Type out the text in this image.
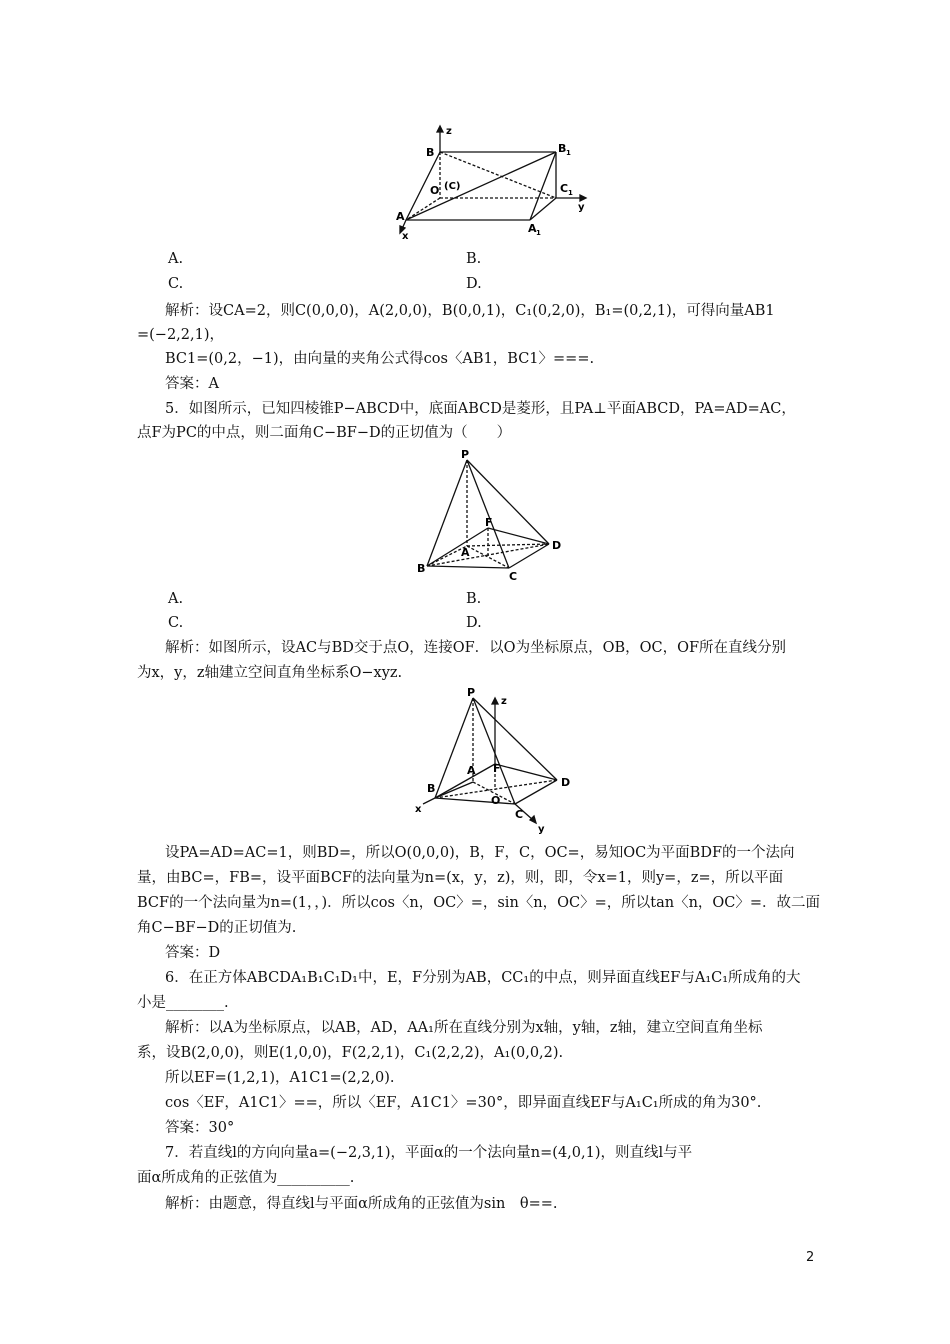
z
B	B 1
O (C)	C 1
y
A
A 1
x
A.	B.
C.	D.
解析：设CA=2，则C(0,0,0)，A(2,0,0)，B(0,0,1)，C₁(0,2,0)，B₁=(0,2,1)，可得向量AB1
=(−2,2,1)，
BC1=(0,2，−1)，由向量的夹角公式得cos〈AB1，BC1〉===.
答案：A
5．如图所示，已知四棱锥P−ABCD中，底面ABCD是菱形，且PA⊥平面ABCD，PA=AD=AC，
点F为PC的中点，则二面角C−BF−D的正切值为（　　）
P
F
A
D
B
C
A.	B.
C.	D.
解析：如图所示，设AC与BD交于点O，连接OF．以O为坐标原点，OB，OC，OF所在直线分别
为x，y，z轴建立空间直角坐标系O−xyz.
P
z
A F
D
B
O
C
x
y
设PA=AD=AC=1，则BD=，所以O(0,0,0)，B，F，C，OC=，易知OC为平面BDF的一个法向
量，由BC=，FB=，设平面BCF的法向量为n=(x，y，z)，则，即，令x=1，则y=，z=，所以平面
BCF的一个法向量为n=(1，，)．所以cos〈n，OC〉=，sin〈n，OC〉=，所以tan〈n，OC〉=．故二面
角C−BF−D的正切值为.
答案：D
6．在正方体ABCDA₁B₁C₁D₁中，E，F分别为AB，CC₁的中点，则异面直线EF与A₁C₁所成角的大
小是________.
解析：以A为坐标原点，以AB，AD，AA₁所在直线分别为x轴，y轴，z轴，建立空间直角坐标
系，设B(2,0,0)，则E(1,0,0)，F(2,2,1)，C₁(2,2,2)，A₁(0,0,2).
所以EF=(1,2,1)，A1C1=(2,2,0).
cos〈EF，A1C1〉==，所以〈EF，A1C1〉=30°，即异面直线EF与A₁C₁所成的角为30°.
答案：30°
7．若直线l的方向向量a=(−2,3,1)，平面α的一个法向量n=(4,0,1)，则直线l与平
面α所成角的正弦值为__________.
解析：由题意，得直线l与平面α所成角的正弦值为sin　θ==.
2
